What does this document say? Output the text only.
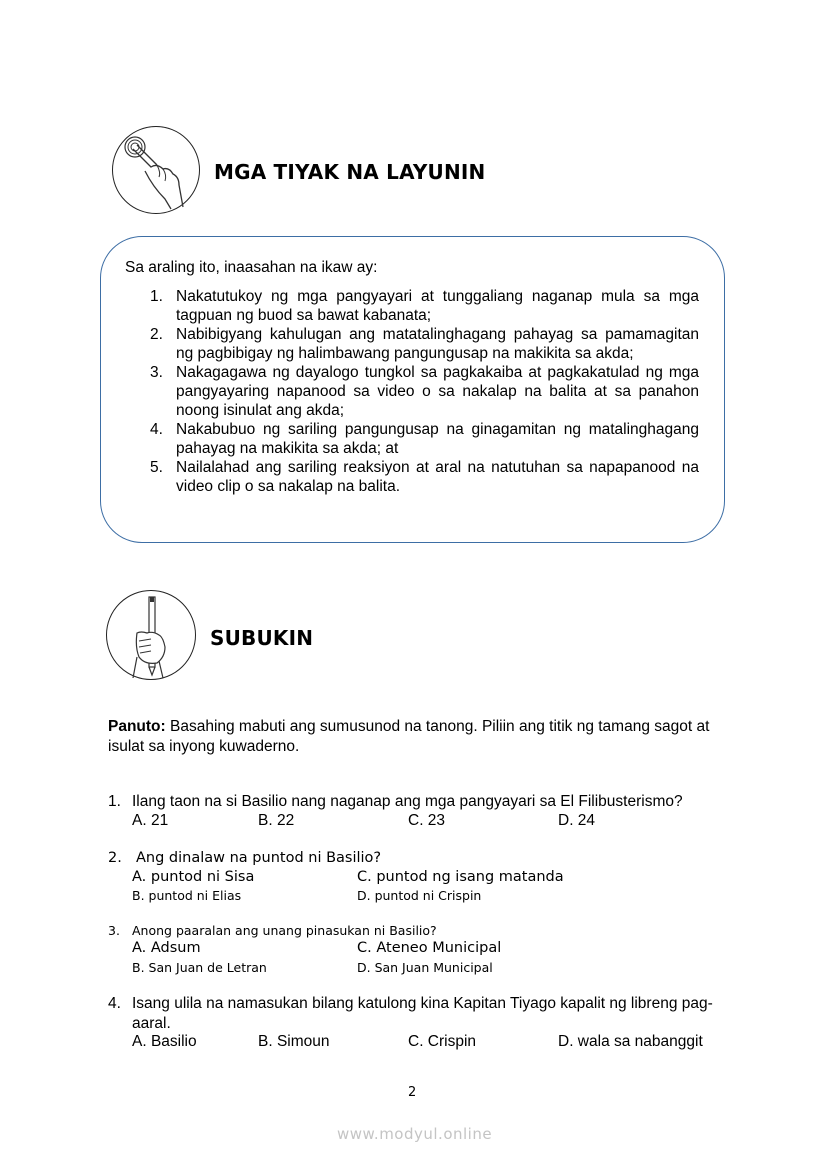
MGA TIYAK NA LAYUNIN
Sa araling ito, inaasahan na ikaw ay:
1. Nakatutukoy ng mga pangyayari at tunggaliang naganap mula sa mga tagpuan ng buod sa bawat kabanata;
2. Nabibigyang kahulugan ang matatalinghagang pahayag sa pamamagitan ng pagbibigay ng halimbawang pangungusap na makikita sa akda;
3. Nakagagawa ng dayalogo tungkol sa pagkakaiba at pagkakatulad ng mga pangyayaring napanood sa video o sa nakalap na balita at sa panahon noong isinulat ang akda;
4. Nakabubuo ng sariling pangungusap na ginagamitan ng matalinghagang pahayag na makikita sa akda; at
5. Nailalahad ang sariling reaksiyon at aral na natutuhan sa napapanood na video clip o sa nakalap na balita.
SUBUKIN
Panuto: Basahing mabuti ang sumusunod na tanong. Piliin ang titik ng tamang sagot at isulat sa inyong kuwaderno.
1. Ilang taon na si Basilio nang naganap ang mga pangyayari sa El Filibusterismo?
A. 21	B. 22	C. 23	D. 24
2. Ang dinalaw na puntod ni Basilio?
A. puntod ni Sisa
B. puntod ni Elias
C. puntod ng isang matanda
D. puntod ni Crispin
3. Anong paaralan ang unang pinasukan ni Basilio?
A. Adsum
B. San Juan de Letran
C. Ateneo Municipal
D. San Juan Municipal
4. Isang ulila na namasukan bilang katulong kina Kapitan Tiyago kapalit ng libreng pag-aaral.
A. Basilio	B. Simoun	C. Crispin	D. wala sa nabanggit
2
www.modyul.online
